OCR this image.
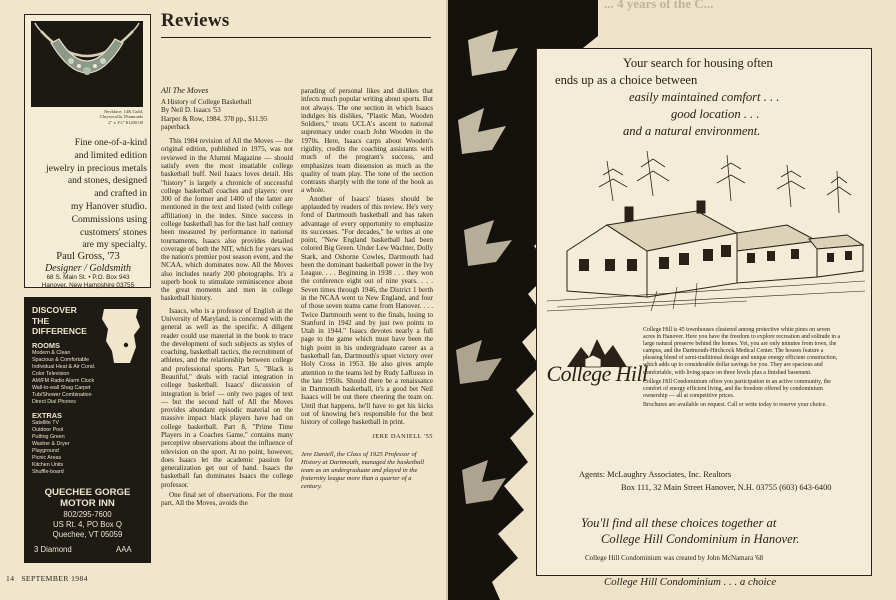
Necklace: 14K Gold,
Chrysocolla, Diamonds
2" x 1½" $1200.00
Fine one-of-a-kind
and limited edition
jewelry in precious metals
and stones, designed
and crafted in
my Hanover studio.
Commissions using
customers' stones
are my specialty.
Paul Gross, '73
Designer / Goldsmith
68 S. Main St. • P.O. Box 943
Hanover, New Hampshire 03755
DISCOVER
THE
DIFFERENCE
ROOMS
Modern & Clean
Spacious & Comfortable
Individual Heat & Air Cond.
Color Television
AM/FM Radio Alarm Clock
Wall-to-wall Shag Carpet
Tub/Shower Combination
Direct Dial Phones
EXTRAS
Satellite TV
Outdoor Pool
Putting Green
Washer & Dryer
Playground
Picnic Areas
Kitchen Units
Shuffle-board
QUECHEE GORGE
MOTOR INN
802/295-7600
US Rt. 4, PO Box Q
Quechee, VT 05059
3 Diamond	AAA
Reviews
All The Moves

A History of College Basketball
By Neil D. Isaacs '53
Harper & Row, 1984. 378 pp., $11.95 paperback

This 1984 revision of All the Moves — the original edition, published in 1975, was not reviewed in the Alumni Magazine — should satisfy even the most insatiable college basketball buff. Neil Isaacs loves detail. His "history" is largely a chronicle of successful college basketball coaches and players: over 300 of the former and 1400 of the latter are mentioned in the text and listed (with college affiliation) in the index. Since success in college basketball has for the last half century been measured by performance in national tournaments, Isaacs also provides detailed coverage of both the NIT, which for years was the nation's premier post season event, and the NCAA, which dominates now. All the Moves also includes nearly 200 photographs. It's a superb book to stimulate reminiscence about the great moments and men in college basketball history.

Isaacs, who is a professor of English at the University of Maryland, is concerned with the general as well as the specific. A diligent reader could use material in the book to trace the development of such subjects as styles of coaching, basketball tactics, the recruitment of athletes, and the relationship between college and professional sports. Part 5, "Black is Beautiful," deals with racial integration in college basketball. Isaacs' discussion of integration is brief — only two pages of text — but the second half of All the Moves provides abundant episodic material on the massive impact black players have had on college basketball. Part 8, "Prime Time Players in a Coaches Game," contains many perceptive observations about the influence of television on the sport. At no point, however, does Isaacs let the academic passion for generalization get out of hand. Isaacs the basketball fan dominates Isaacs the college professor.

One final set of observations. For the most part, All the Moves, avoids the

parading of personal likes and dislikes that infects much popular writing about sports. But not always. The one section in which Isaacs indulges his dislikes, "Plastic Man, Wooden Soldiers," treats UCLA's ascent to national supremacy under coach John Wooden in the 1970s. Here, Isaacs carps about Wooden's rigidity, credits the coaching assistants with much of the program's success, and emphasizes team dissension as much as the quality of team play. The tone of the section contrasts sharply with the tone of the book as a whole.

Another of Isaacs' biases should be applauded by readers of this review. He's very fond of Dartmouth basketball and has taken advantage of every opportunity to emphasize its successes. "For decades," he writes at one point, "New England basketball had been colored Big Green. Under Lew Wachter, Dolly Stark, and Osborne Cowles, Dartmouth had been the dominant basketball power in the Ivy League. . . . Beginning in 1938 . . . they won the conference eight out of nine years. . . . Seven times through 1946, the District 1 berth in the NCAA went to New England, and four of those seven teams came from Hanover. . . . Twice Dartmouth went to the finals, losing to Stanford in 1942 and by just two points to Utah in 1944." Isaacs devotes nearly a full page to the game which must have been the high point in his undergraduate career as a basketball fan, Dartmouth's upset victory over Holy Cross in 1953. He also gives ample attention to the teams led by Rudy LaRusso in the late 1950s. Should there be a renaissance in Dartmouth basketball, it's a good bet Neil Isaacs will be out there cheering the team on. Until that happens, he'll have to get his kicks out of knowing he's responsible for the best history of college basketball in print.

JERE DANIELL '55
Jere Daniell, the Class of 1925 Professor of History at Dartmouth, managed the basketball team as an undergraduate and played in the fraternity league more than a quarter of a century.
14 SEPTEMBER 1984
... 4 years of the C...
Your search for housing often
ends up as a choice between
easily maintained comfort . . .
good location . . .
and a natural environment.
College Hill

College Hill is 45 townhouses clustered among protective white pines on seven acres in Hanover. Here you have the freedom to explore recreation and solitude in a large natural preserve behind the homes. Yet, you are only minutes from town, the campus, and the Dartmouth-Hitchcock Medical Center. The houses feature a pleasing blend of semi-traditional design and unique energy efficient construction, which adds up to considerable dollar savings for you. They are spacious and comfortable, with living space on three levels plus a finished basement.

College Hill Condominium offers you participation in an active community, the comfort of energy efficient living, and the freedom offered by condominium ownership — all at competitive prices.

Brochures are available on request. Call or write today to reserve your choice.

Agents: McLaughry Associates, Inc. Realtors
Box 111, 32 Main Street Hanover, N.H. 03755 (603) 643-6400
You'll find all these choices together at
College Hill Condominium in Hanover.
College Hill Condominium was created by John McNamara '68
College Hill Condominium . . . a choice
